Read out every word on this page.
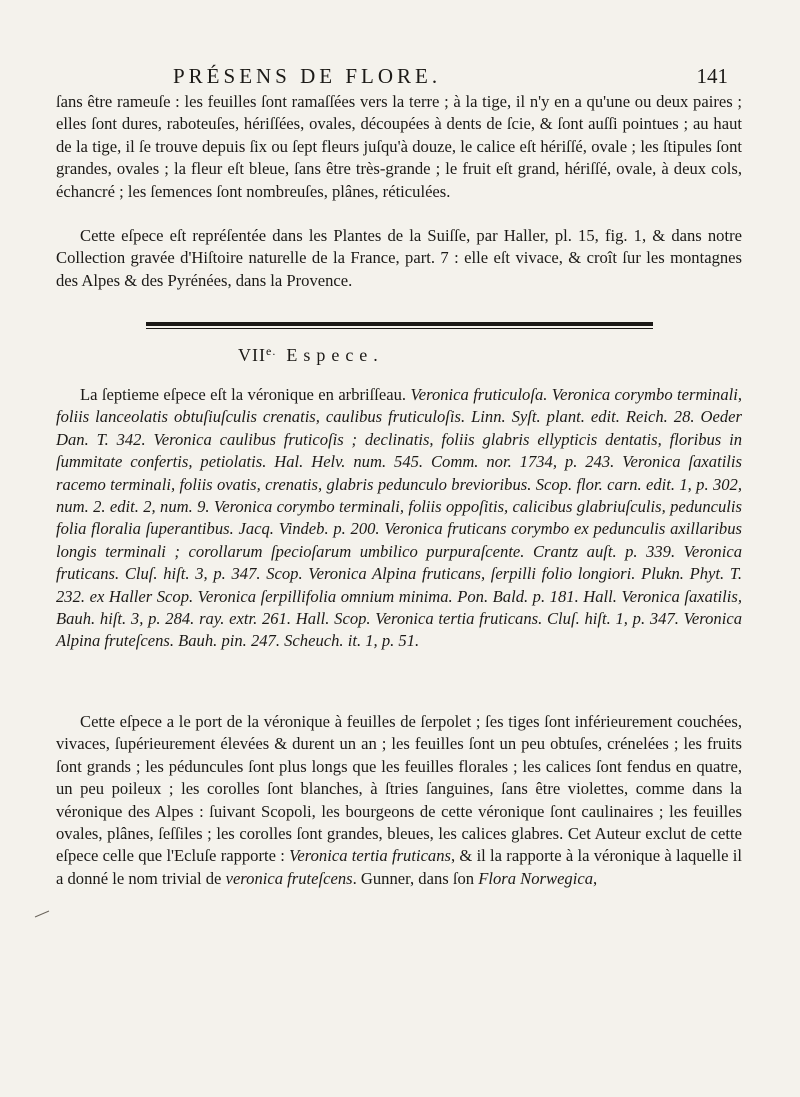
PRÉSENS DE FLORE.	141
ſans être rameuſe : les feuilles ſont ramaſſées vers la terre ; à la tige, il n'y en a qu'une ou deux paires ; elles ſont dures, raboteuſes, hériſſées, ovales, découpées à dents de ſcie, & ſont auſſi pointues ; au haut de la tige, il ſe trouve depuis ſix ou ſept fleurs juſqu'à douze, le calice eſt hériſſé, ovale ; les ſtipules ſont grandes, ovales ; la fleur eſt bleue, ſans être très-grande ; le fruit eſt grand, hériſſé, ovale, à deux cols, échancré ; les ſemences ſont nombreuſes, plânes, réticulées.
Cette eſpece eſt repréſentée dans les Plantes de la Suiſſe, par Haller, pl. 15, fig. 1, & dans notre Collection gravée d'Hiſtoire naturelle de la France, part. 7 : elle eſt vivace, & croît ſur les montagnes des Alpes & des Pyrénées, dans la Provence.
$VII^{e.}$ Espece.
La ſeptieme eſpece eſt la véronique en arbriſſeau. Veronica fruticuloſa. Veronica corymbo terminali, foliis lanceolatis obtuſiuſculis crenatis, caulibus fruticuloſis. Linn. Syſt. plant. edit. Reich. 28. Oeder Dan. T. 342. Veronica caulibus fruticoſis ; declinatis, foliis glabris ellypticis dentatis, floribus in ſummitate confertis, petiolatis. Hal. Helv. num. 545. Comm. nor. 1734, p. 243. Veronica ſaxatilis racemo terminali, foliis ovatis, crenatis, glabris pedunculo brevioribus. Scop. flor. carn. edit. 1, p. 302, num. 2. edit. 2, num. 9. Veronica corymbo terminali, foliis oppoſitis, calicibus glabriuſculis, pedunculis folia floralia ſuperantibus. Jacq. Vindeb. p. 200. Veronica fruticans corymbo ex pedunculis axillaribus longis terminali ; corollarum ſpecioſarum umbilico purpuraſcente. Crantz auſt. p. 339. Veronica fruticans. Cluſ. hiſt. 3, p. 347. Scop. Veronica Alpina fruticans, ſerpilli folio longiori. Plukn. Phyt. T. 232. ex Haller Scop. Veronica ſerpillifolia omnium minima. Pon. Bald. p. 181. Hall. Veronica ſaxatilis, Bauh. hiſt. 3, p. 284. ray. extr. 261. Hall. Scop. Veronica tertia fruticans. Cluſ. hiſt. 1, p. 347. Veronica Alpina frutеſcens. Bauh. pin. 247. Scheuch. it. 1, p. 51.
Cette eſpece a le port de la véronique à feuilles de ſerpolet ; ſes tiges ſont inférieurement couchées, vivaces, ſupérieurement élevées & durent un an ; les feuilles ſont un peu obtuſes, crénelées ; les fruits ſont grands ; les péduncules ſont plus longs que les feuilles florales ; les calices ſont fendus en quatre, un peu poileux ; les corolles ſont blanches, à ſtries ſanguines, ſans être violettes, comme dans la véronique des Alpes : ſuivant Scopoli, les bourgeons de cette véronique ſont caulinaires ; les feuilles ovales, plânes, ſeſſiles ; les corolles ſont grandes, bleues, les calices glabres. Cet Auteur exclut de cette eſpece celle que l'Ecluſe rapporte : Veronica tertia fruticans, & il la rapporte à la véronique à laquelle il a donné le nom trivial de veronica fruteſcens. Gunner, dans ſon Flora Norwegica,
